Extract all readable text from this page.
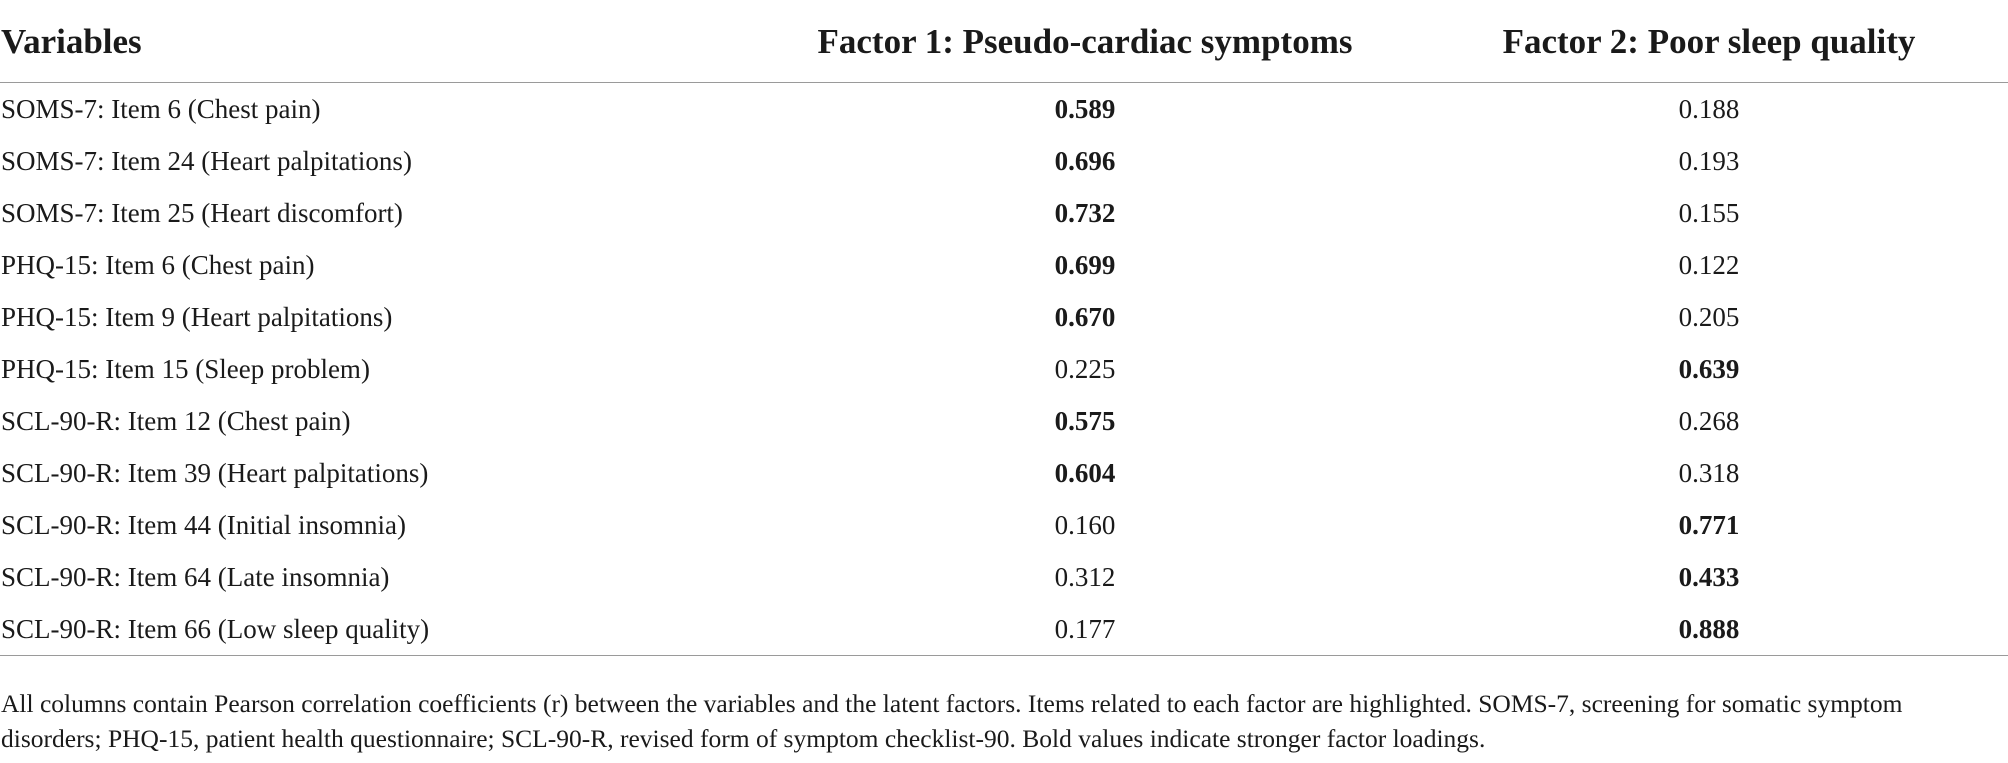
Variables	Factor 1: Pseudo-cardiac symptoms	Factor 2: Poor sleep quality
SOMS-7: Item 6 (Chest pain)	0.589	0.188
SOMS-7: Item 24 (Heart palpitations)	0.696	0.193
SOMS-7: Item 25 (Heart discomfort)	0.732	0.155
PHQ-15: Item 6 (Chest pain)	0.699	0.122
PHQ-15: Item 9 (Heart palpitations)	0.670	0.205
PHQ-15: Item 15 (Sleep problem)	0.225	0.639
SCL-90-R: Item 12 (Chest pain)	0.575	0.268
SCL-90-R: Item 39 (Heart palpitations)	0.604	0.318
SCL-90-R: Item 44 (Initial insomnia)	0.160	0.771
SCL-90-R: Item 64 (Late insomnia)	0.312	0.433
SCL-90-R: Item 66 (Low sleep quality)	0.177	0.888
All columns contain Pearson correlation coefficients (r) between the variables and the latent factors. Items related to each factor are highlighted. SOMS-7, screening for somatic symptom
disorders; PHQ-15, patient health questionnaire; SCL-90-R, revised form of symptom checklist-90. Bold values indicate stronger factor loadings.
